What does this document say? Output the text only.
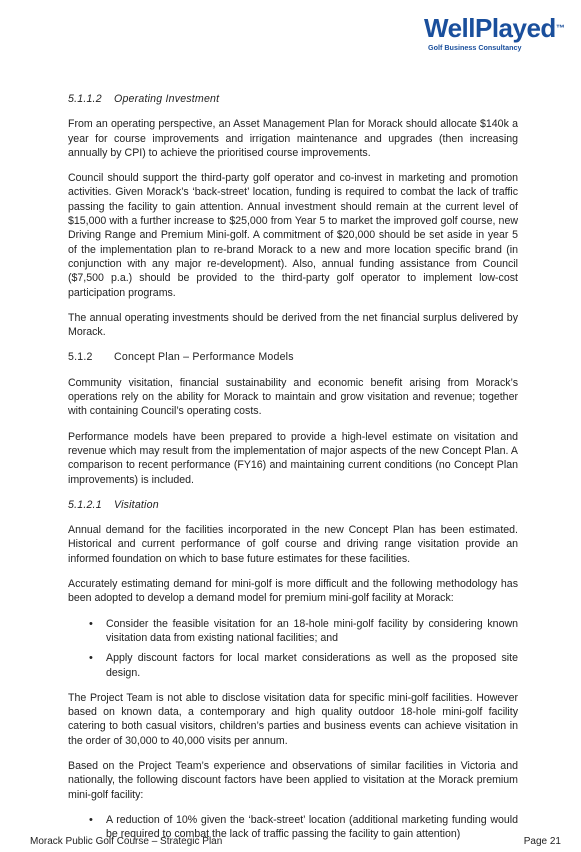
WellPlayed™
Golf Business Consultancy
5.1.1.2 Operating Investment

From an operating perspective, an Asset Management Plan for Morack should allocate $140k a year for course improvements and irrigation maintenance and upgrades (then increasing annually by CPI) to achieve the prioritised course improvements.

Council should support the third-party golf operator and co-invest in marketing and promotion activities. Given Morack’s ‘back-street’ location, funding is required to combat the lack of traffic passing the facility to gain attention. Annual investment should remain at the current level of $15,000 with a further increase to $25,000 from Year 5 to market the improved golf course, new Driving Range and Premium Mini-golf. A commitment of $20,000 should be set aside in year 5 of the implementation plan to re-brand Morack to a new and more location specific brand (in conjunction with any major re-development). Also, annual funding assistance from Council ($7,500 p.a.) should be provided to the third-party golf operator to implement low-cost participation programs.

The annual operating investments should be derived from the net financial surplus delivered by Morack.

5.1.2 Concept Plan – Performance Models

Community visitation, financial sustainability and economic benefit arising from Morack’s operations rely on the ability for Morack to maintain and grow visitation and revenue; together with containing Council’s operating costs.

Performance models have been prepared to provide a high-level estimate on visitation and revenue which may result from the implementation of major aspects of the new Concept Plan. A comparison to recent performance (FY16) and maintaining current conditions (no Concept Plan improvements) is included.

5.1.2.1 Visitation

Annual demand for the facilities incorporated in the new Concept Plan has been estimated. Historical and current performance of golf course and driving range visitation provide an informed foundation on which to base future estimates for these facilities.

Accurately estimating demand for mini-golf is more difficult and the following methodology has been adopted to develop a demand model for premium mini-golf facility at Morack:

• Consider the feasible visitation for an 18-hole mini-golf facility by considering known visitation data from existing national facilities; and
• Apply discount factors for local market considerations as well as the proposed site design.

The Project Team is not able to disclose visitation data for specific mini-golf facilities. However based on known data, a contemporary and high quality outdoor 18-hole mini-golf facility catering to both casual visitors, children’s parties and business events can achieve visitation in the order of 30,000 to 40,000 visits per annum.

Based on the Project Team’s experience and observations of similar facilities in Victoria and nationally, the following discount factors have been applied to visitation at the Morack premium mini-golf facility:

• A reduction of 10% given the ‘back-street’ location (additional marketing funding would be required to combat the lack of traffic passing the facility to gain attention)
Morack Public Golf Course – Strategic Plan	Page 21
